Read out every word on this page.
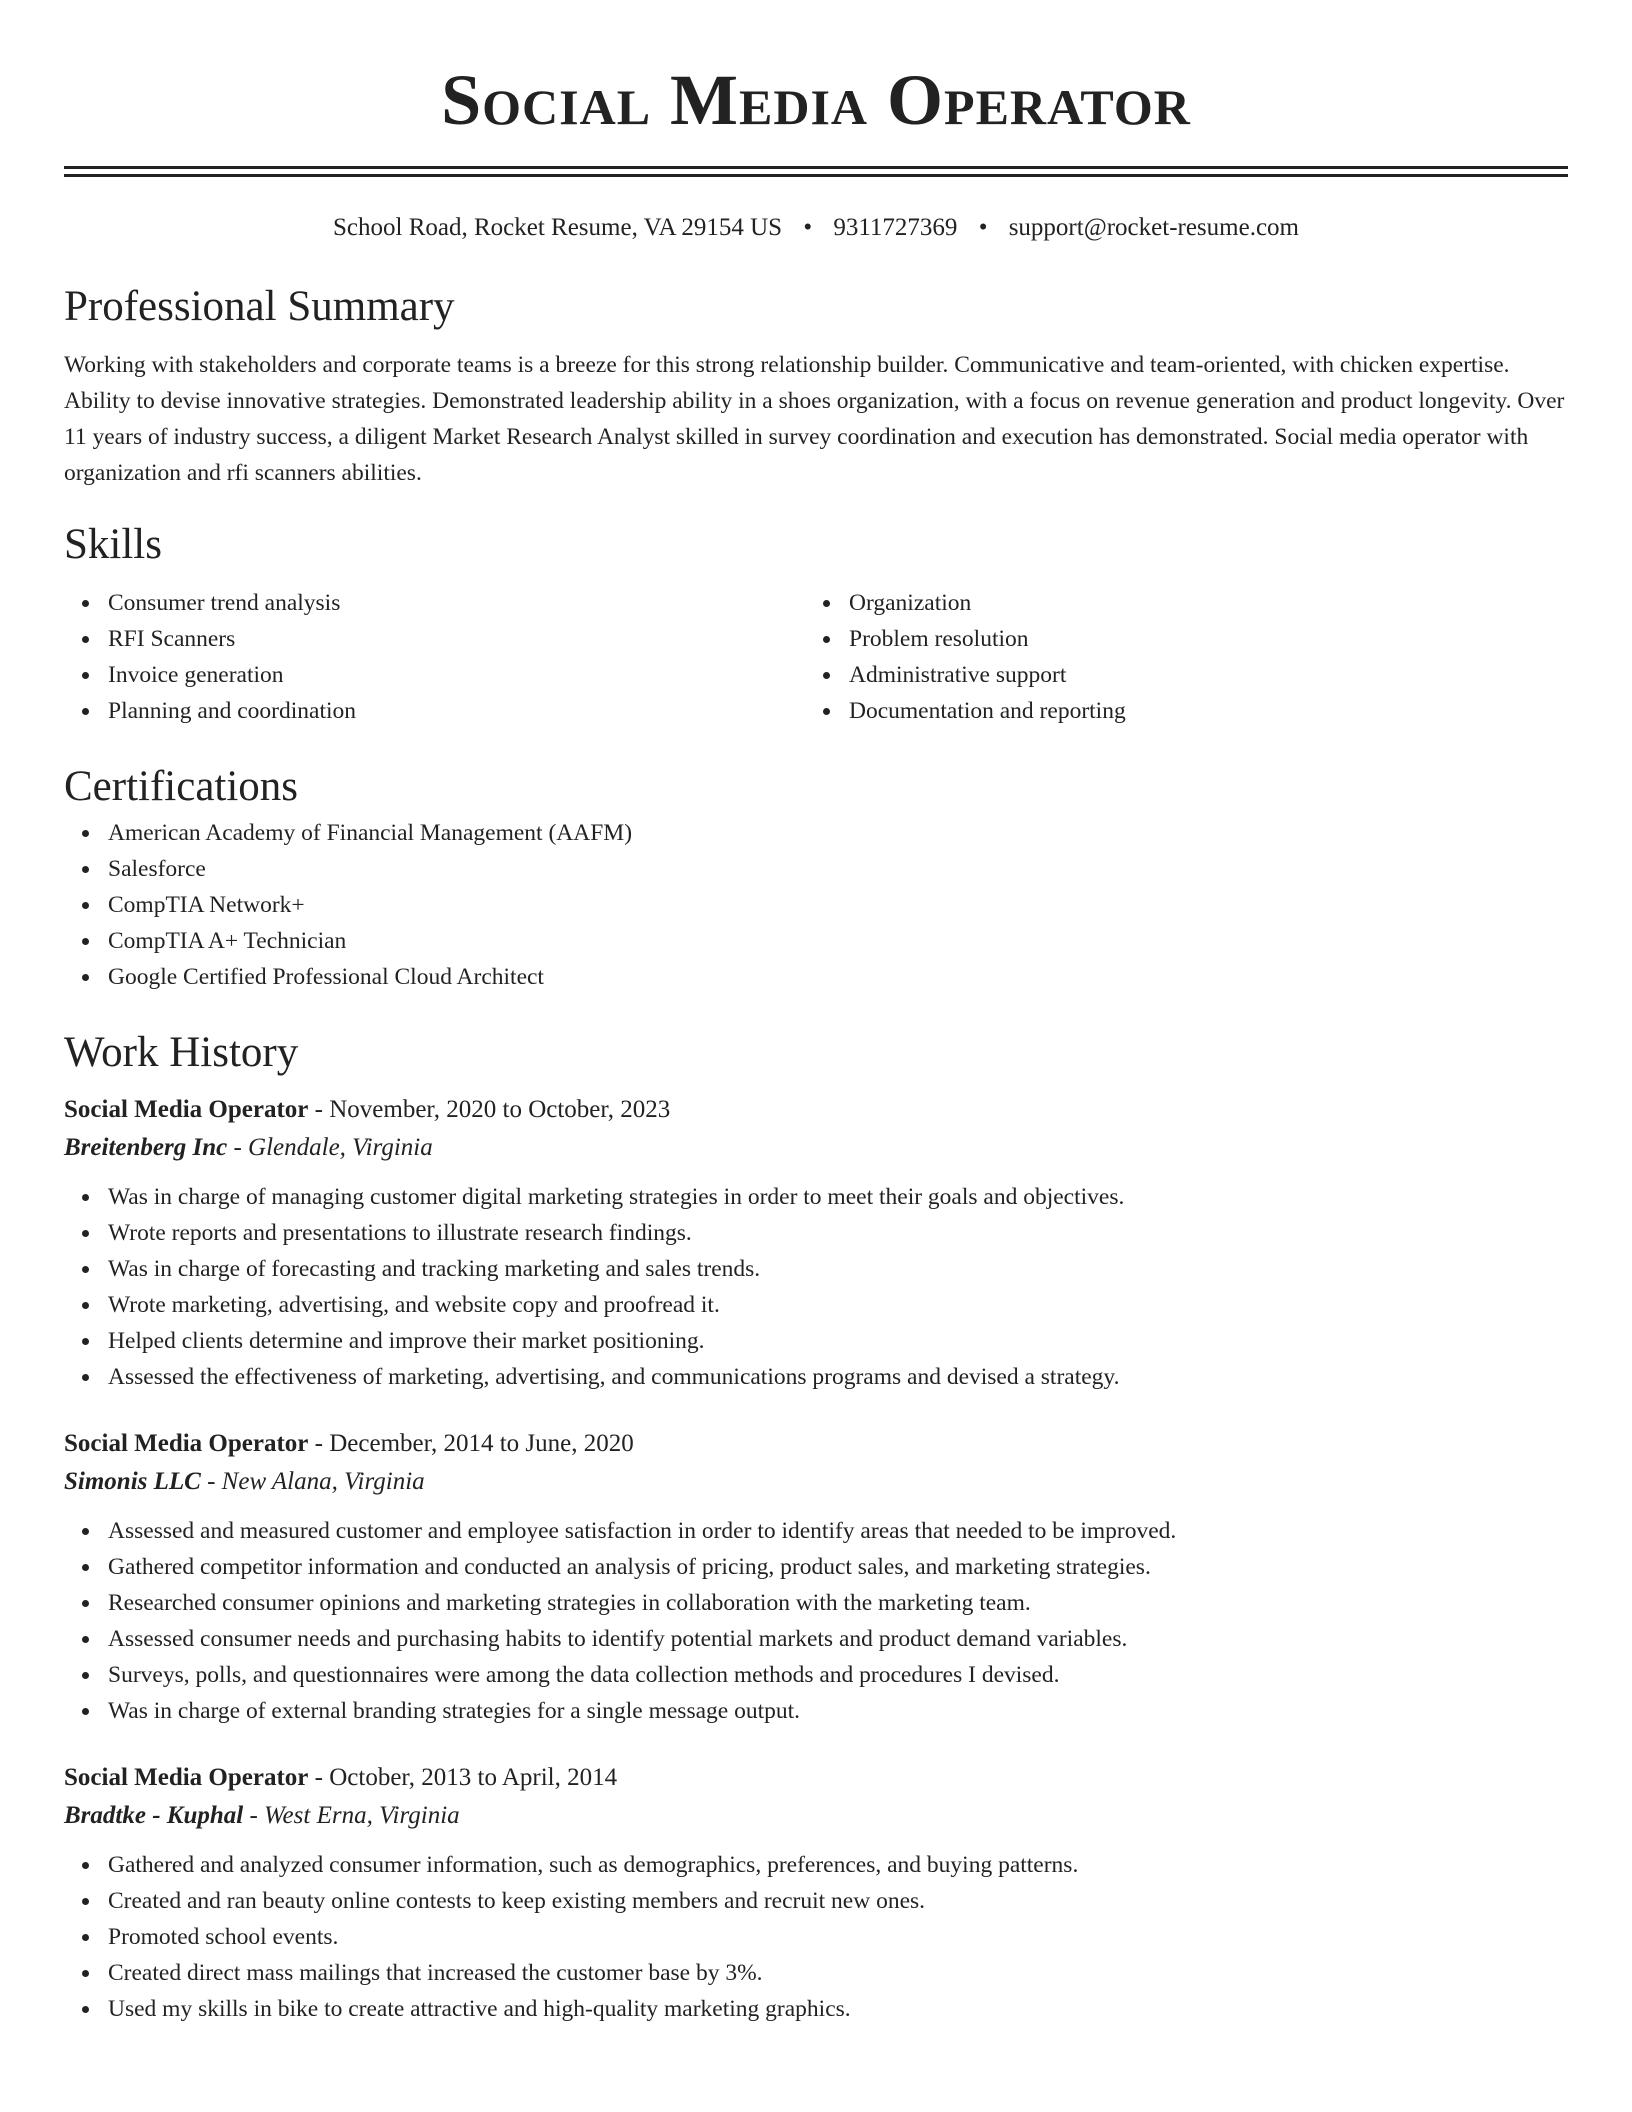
Social Media Operator
School Road, Rocket Resume, VA 29154 US • 9311727369 • support@rocket-resume.com
Professional Summary
Working with stakeholders and corporate teams is a breeze for this strong relationship builder. Communicative and team-oriented, with chicken expertise. Ability to devise innovative strategies. Demonstrated leadership ability in a shoes organization, with a focus on revenue generation and product longevity. Over 11 years of industry success, a diligent Market Research Analyst skilled in survey coordination and execution has demonstrated. Social media operator with organization and rfi scanners abilities.
Skills
Consumer trend analysis
RFI Scanners
Invoice generation
Planning and coordination
Organization
Problem resolution
Administrative support
Documentation and reporting
Certifications
American Academy of Financial Management (AAFM)
Salesforce
CompTIA Network+
CompTIA A+ Technician
Google Certified Professional Cloud Architect
Work History
Social Media Operator - November, 2020 to October, 2023
Breitenberg Inc - Glendale, Virginia
Was in charge of managing customer digital marketing strategies in order to meet their goals and objectives.
Wrote reports and presentations to illustrate research findings.
Was in charge of forecasting and tracking marketing and sales trends.
Wrote marketing, advertising, and website copy and proofread it.
Helped clients determine and improve their market positioning.
Assessed the effectiveness of marketing, advertising, and communications programs and devised a strategy.
Social Media Operator - December, 2014 to June, 2020
Simonis LLC - New Alana, Virginia
Assessed and measured customer and employee satisfaction in order to identify areas that needed to be improved.
Gathered competitor information and conducted an analysis of pricing, product sales, and marketing strategies.
Researched consumer opinions and marketing strategies in collaboration with the marketing team.
Assessed consumer needs and purchasing habits to identify potential markets and product demand variables.
Surveys, polls, and questionnaires were among the data collection methods and procedures I devised.
Was in charge of external branding strategies for a single message output.
Social Media Operator - October, 2013 to April, 2014
Bradtke - Kuphal - West Erna, Virginia
Gathered and analyzed consumer information, such as demographics, preferences, and buying patterns.
Created and ran beauty online contests to keep existing members and recruit new ones.
Promoted school events.
Created direct mass mailings that increased the customer base by 3%.
Used my skills in bike to create attractive and high-quality marketing graphics.
